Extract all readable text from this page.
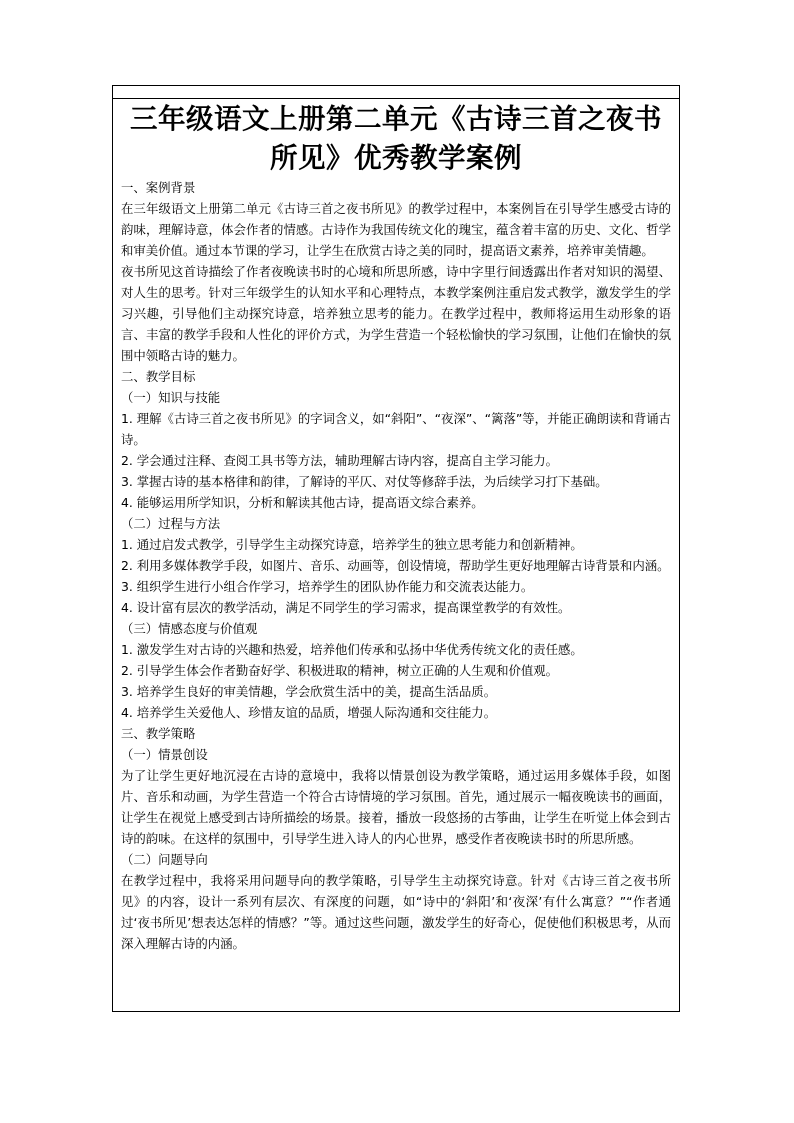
三年级语文上册第二单元《古诗三首之夜书所见》优秀教学案例
一、案例背景
在三年级语文上册第二单元《古诗三首之夜书所见》的教学过程中，本案例旨在引导学生感受古诗的韵味，理解诗意，体会作者的情感。古诗作为我国传统文化的瑰宝，蕴含着丰富的历史、文化、哲学和审美价值。通过本节课的学习，让学生在欣赏古诗之美的同时，提高语文素养，培养审美情趣。
夜书所见这首诗描绘了作者夜晚读书时的心境和所思所感，诗中字里行间透露出作者对知识的渴望、对人生的思考。针对三年级学生的认知水平和心理特点，本教学案例注重启发式教学，激发学生的学习兴趣，引导他们主动探究诗意，培养独立思考的能力。在教学过程中，教师将运用生动形象的语言、丰富的教学手段和人性化的评价方式，为学生营造一个轻松愉快的学习氛围，让他们在愉快的氛围中领略古诗的魅力。
二、教学目标
（一）知识与技能
1. 理解《古诗三首之夜书所见》的字词含义，如“斜阳”、“夜深”、“篱落”等，并能正确朗读和背诵古诗。
2. 学会通过注释、查阅工具书等方法，辅助理解古诗内容，提高自主学习能力。
3. 掌握古诗的基本格律和韵律，了解诗的平仄、对仗等修辞手法，为后续学习打下基础。
4. 能够运用所学知识，分析和解读其他古诗，提高语文综合素养。
（二）过程与方法
1. 通过启发式教学，引导学生主动探究诗意，培养学生的独立思考能力和创新精神。
2. 利用多媒体教学手段，如图片、音乐、动画等，创设情境，帮助学生更好地理解古诗背景和内涵。
3. 组织学生进行小组合作学习，培养学生的团队协作能力和交流表达能力。
4. 设计富有层次的教学活动，满足不同学生的学习需求，提高课堂教学的有效性。
（三）情感态度与价值观
1. 激发学生对古诗的兴趣和热爱，培养他们传承和弘扬中华优秀传统文化的责任感。
2. 引导学生体会作者勤奋好学、积极进取的精神，树立正确的人生观和价值观。
3. 培养学生良好的审美情趣，学会欣赏生活中的美，提高生活品质。
4. 培养学生关爱他人、珍惜友谊的品质，增强人际沟通和交往能力。
三、教学策略
（一）情景创设
为了让学生更好地沉浸在古诗的意境中，我将以情景创设为教学策略，通过运用多媒体手段，如图片、音乐和动画，为学生营造一个符合古诗情境的学习氛围。首先，通过展示一幅夜晚读书的画面，让学生在视觉上感受到古诗所描绘的场景。接着，播放一段悠扬的古筝曲，让学生在听觉上体会到古诗的韵味。在这样的氛围中，引导学生进入诗人的内心世界，感受作者夜晚读书时的所思所感。
（二）问题导向
在教学过程中，我将采用问题导向的教学策略，引导学生主动探究诗意。针对《古诗三首之夜书所见》的内容，设计一系列有层次、有深度的问题，如“诗中的‘斜阳’和‘夜深’有什么寓意？”“作者通过‘夜书所见’想表达怎样的情感？”等。通过这些问题，激发学生的好奇心，促使他们积极思考，从而深入理解古诗的内涵。
